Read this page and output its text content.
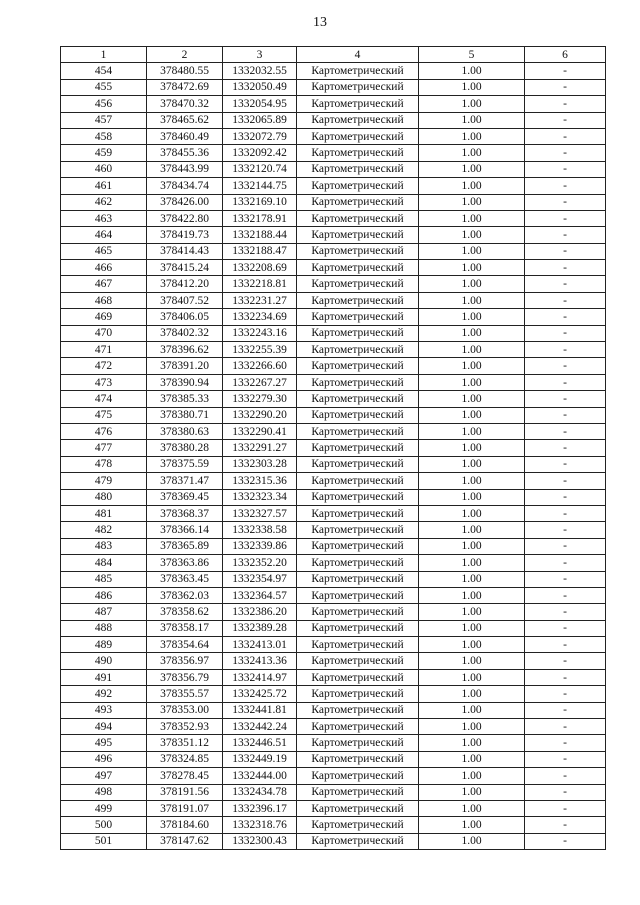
13
1	2	3	4	5	6
454	378480.55	1332032.55	Картометрический	1.00	-
455	378472.69	1332050.49	Картометрический	1.00	-
456	378470.32	1332054.95	Картометрический	1.00	-
457	378465.62	1332065.89	Картометрический	1.00	-
458	378460.49	1332072.79	Картометрический	1.00	-
459	378455.36	1332092.42	Картометрический	1.00	-
460	378443.99	1332120.74	Картометрический	1.00	-
461	378434.74	1332144.75	Картометрический	1.00	-
462	378426.00	1332169.10	Картометрический	1.00	-
463	378422.80	1332178.91	Картометрический	1.00	-
464	378419.73	1332188.44	Картометрический	1.00	-
465	378414.43	1332188.47	Картометрический	1.00	-
466	378415.24	1332208.69	Картометрический	1.00	-
467	378412.20	1332218.81	Картометрический	1.00	-
468	378407.52	1332231.27	Картометрический	1.00	-
469	378406.05	1332234.69	Картометрический	1.00	-
470	378402.32	1332243.16	Картометрический	1.00	-
471	378396.62	1332255.39	Картометрический	1.00	-
472	378391.20	1332266.60	Картометрический	1.00	-
473	378390.94	1332267.27	Картометрический	1.00	-
474	378385.33	1332279.30	Картометрический	1.00	-
475	378380.71	1332290.20	Картометрический	1.00	-
476	378380.63	1332290.41	Картометрический	1.00	-
477	378380.28	1332291.27	Картометрический	1.00	-
478	378375.59	1332303.28	Картометрический	1.00	-
479	378371.47	1332315.36	Картометрический	1.00	-
480	378369.45	1332323.34	Картометрический	1.00	-
481	378368.37	1332327.57	Картометрический	1.00	-
482	378366.14	1332338.58	Картометрический	1.00	-
483	378365.89	1332339.86	Картометрический	1.00	-
484	378363.86	1332352.20	Картометрический	1.00	-
485	378363.45	1332354.97	Картометрический	1.00	-
486	378362.03	1332364.57	Картометрический	1.00	-
487	378358.62	1332386.20	Картометрический	1.00	-
488	378358.17	1332389.28	Картометрический	1.00	-
489	378354.64	1332413.01	Картометрический	1.00	-
490	378356.97	1332413.36	Картометрический	1.00	-
491	378356.79	1332414.97	Картометрический	1.00	-
492	378355.57	1332425.72	Картометрический	1.00	-
493	378353.00	1332441.81	Картометрический	1.00	-
494	378352.93	1332442.24	Картометрический	1.00	-
495	378351.12	1332446.51	Картометрический	1.00	-
496	378324.85	1332449.19	Картометрический	1.00	-
497	378278.45	1332444.00	Картометрический	1.00	-
498	378191.56	1332434.78	Картометрический	1.00	-
499	378191.07	1332396.17	Картометрический	1.00	-
500	378184.60	1332318.76	Картометрический	1.00	-
501	378147.62	1332300.43	Картометрический	1.00	-
